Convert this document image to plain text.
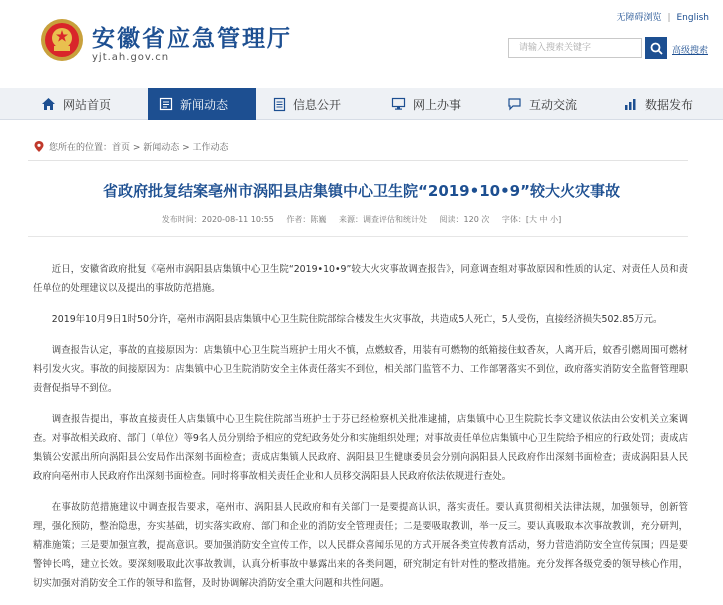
安徽省应急管理厅
yjt.ah.gov.cn
无障碍浏览 | English
请输入搜索关键字	高级搜索
网站首页	新闻动态	信息公开	网上办事	互动交流	数据发布
您所在的位置：首页 > 新闻动态 > 工作动态
省政府批复结案亳州市涡阳县店集镇中心卫生院“2019•10•9”较大火灾事故
发布时间：2020-08-11 10:55 作者：陈巍 来源：调查评估和统计处 阅读：120 次 字体：[大 中 小]

近日，安徽省政府批复《亳州市涡阳县店集镇中心卫生院“2019•10•9”较大火灾事故调查报告》，同意调查组对事故原因和性质的认定、对责任人员和责任单位的处理建议以及提出的事故防范措施。

2019年10月9日1时50分许，亳州市涡阳县店集镇中心卫生院住院部综合楼发生火灾事故，共造成5人死亡，5人受伤，直接经济损失502.85万元。

调查报告认定，事故的直接原因为：店集镇中心卫生院当班护士用火不慎，点燃蚊香，用装有可燃物的纸箱接住蚊香灰，人离开后，蚊香引燃周围可燃材料引发火灾。事故的间接原因为：店集镇中心卫生院消防安全主体责任落实不到位，相关部门监管不力、工作部署落实不到位，政府落实消防安全监督管理职责督促指导不到位。

调查报告提出，事故直接责任人店集镇中心卫生院住院部当班护士于芬已经检察机关批准逮捕，店集镇中心卫生院院长李文建议依法由公安机关立案调查。对事故相关政府、部门（单位）等9名人员分别给予相应的党纪政务处分和实施组织处理；对事故责任单位店集镇中心卫生院给予相应的行政处罚；责成店集镇公安派出所向涡阳县公安局作出深刻书面检查；责成店集镇人民政府、涡阳县卫生健康委员会分别向涡阳县人民政府作出深刻书面检查；责成涡阳县人民政府向亳州市人民政府作出深刻书面检查。同时将事故相关责任企业和人员移交涡阳县人民政府依法依规进行查处。

在事故防范措施建议中调查报告要求，亳州市、涡阳县人民政府和有关部门一是要提高认识，落实责任。要认真贯彻相关法律法规，加强领导，创新管理，强化预防，整治隐患，夯实基础，切实落实政府、部门和企业的消防安全管理责任；二是要吸取教训，举一反三。要认真吸取本次事故教训，充分研判，精准施策；三是要加强宣教，提高意识。要加强消防安全宣传工作，以人民群众喜闻乐见的方式开展各类宣传教育活动，努力营造消防安全宣传氛围；四是要警钟长鸣，建立长效。要深刻吸取此次事故教训，认真分析事故中暴露出来的各类问题，研究制定有针对性的整改措施。充分发挥各级党委的领导核心作用，切实加强对消防安全工作的领导和监督，及时协调解决消防安全重大问题和共性问题。
